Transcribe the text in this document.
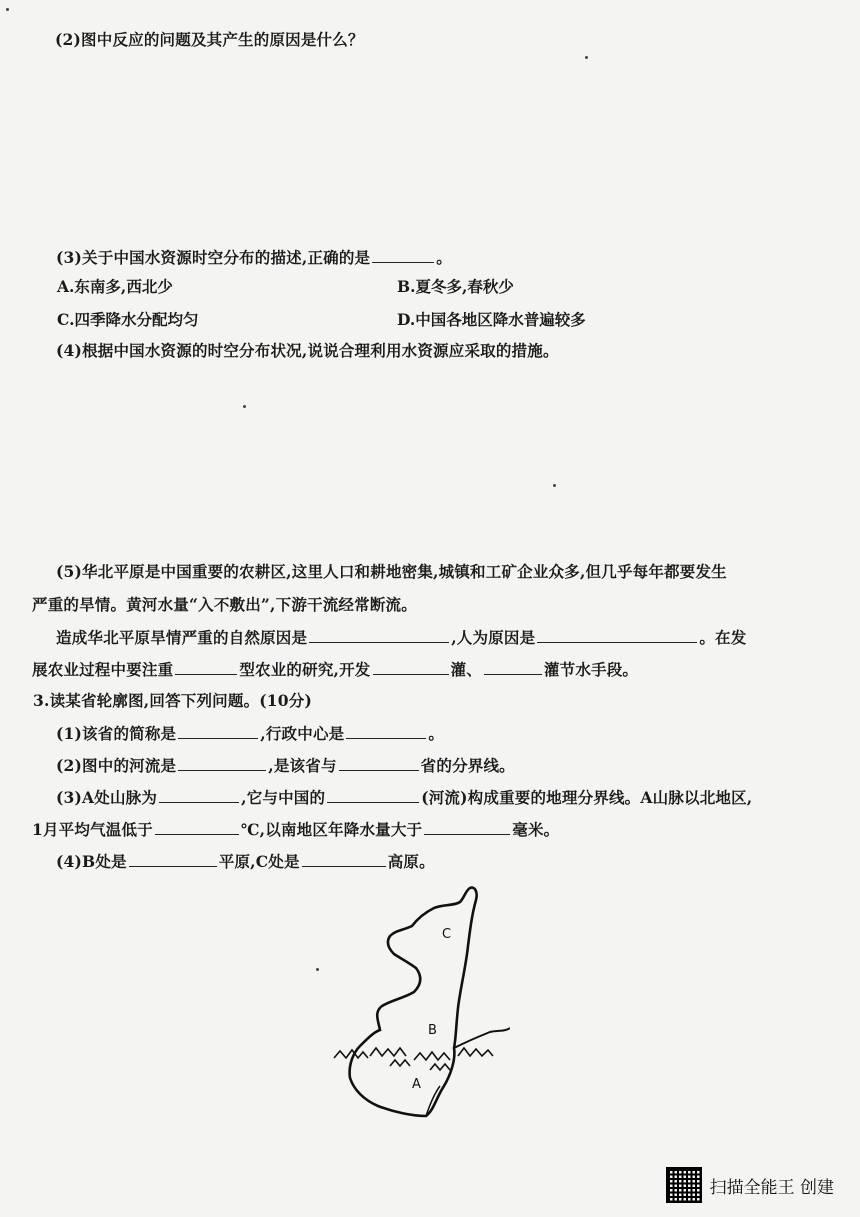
(2)图中反应的问题及其产生的原因是什么？
(3)关于中国水资源时空分布的描述,正确的是	。
A.东南多,西北少	B.夏冬多,春秋少
C.四季降水分配均匀	D.中国各地区降水普遍较多
(4)根据中国水资源的时空分布状况,说说合理利用水资源应采取的措施。
(5)华北平原是中国重要的农耕区,这里人口和耕地密集,城镇和工矿企业众多,但几乎每年都要发生
严重的旱情。黄河水量“入不敷出”,下游干流经常断流。
造成华北平原旱情严重的自然原因是	,人为原因是	。在发
展农业过程中要注重	型农业的研究,开发	灌、	灌节水手段。
3.读某省轮廓图,回答下列问题。(10分)
(1)该省的简称是	,行政中心是	。
(2)图中的河流是	,是该省与	省的分界线。
(3)A处山脉为	,它与中国的	(河流)构成重要的地理分界线。A山脉以北地区,
1月平均气温低于	℃,以南地区年降水量大于	毫米。
(4)B处是	平原,C处是	高原。
C
B
A
扫描全能王 创建
